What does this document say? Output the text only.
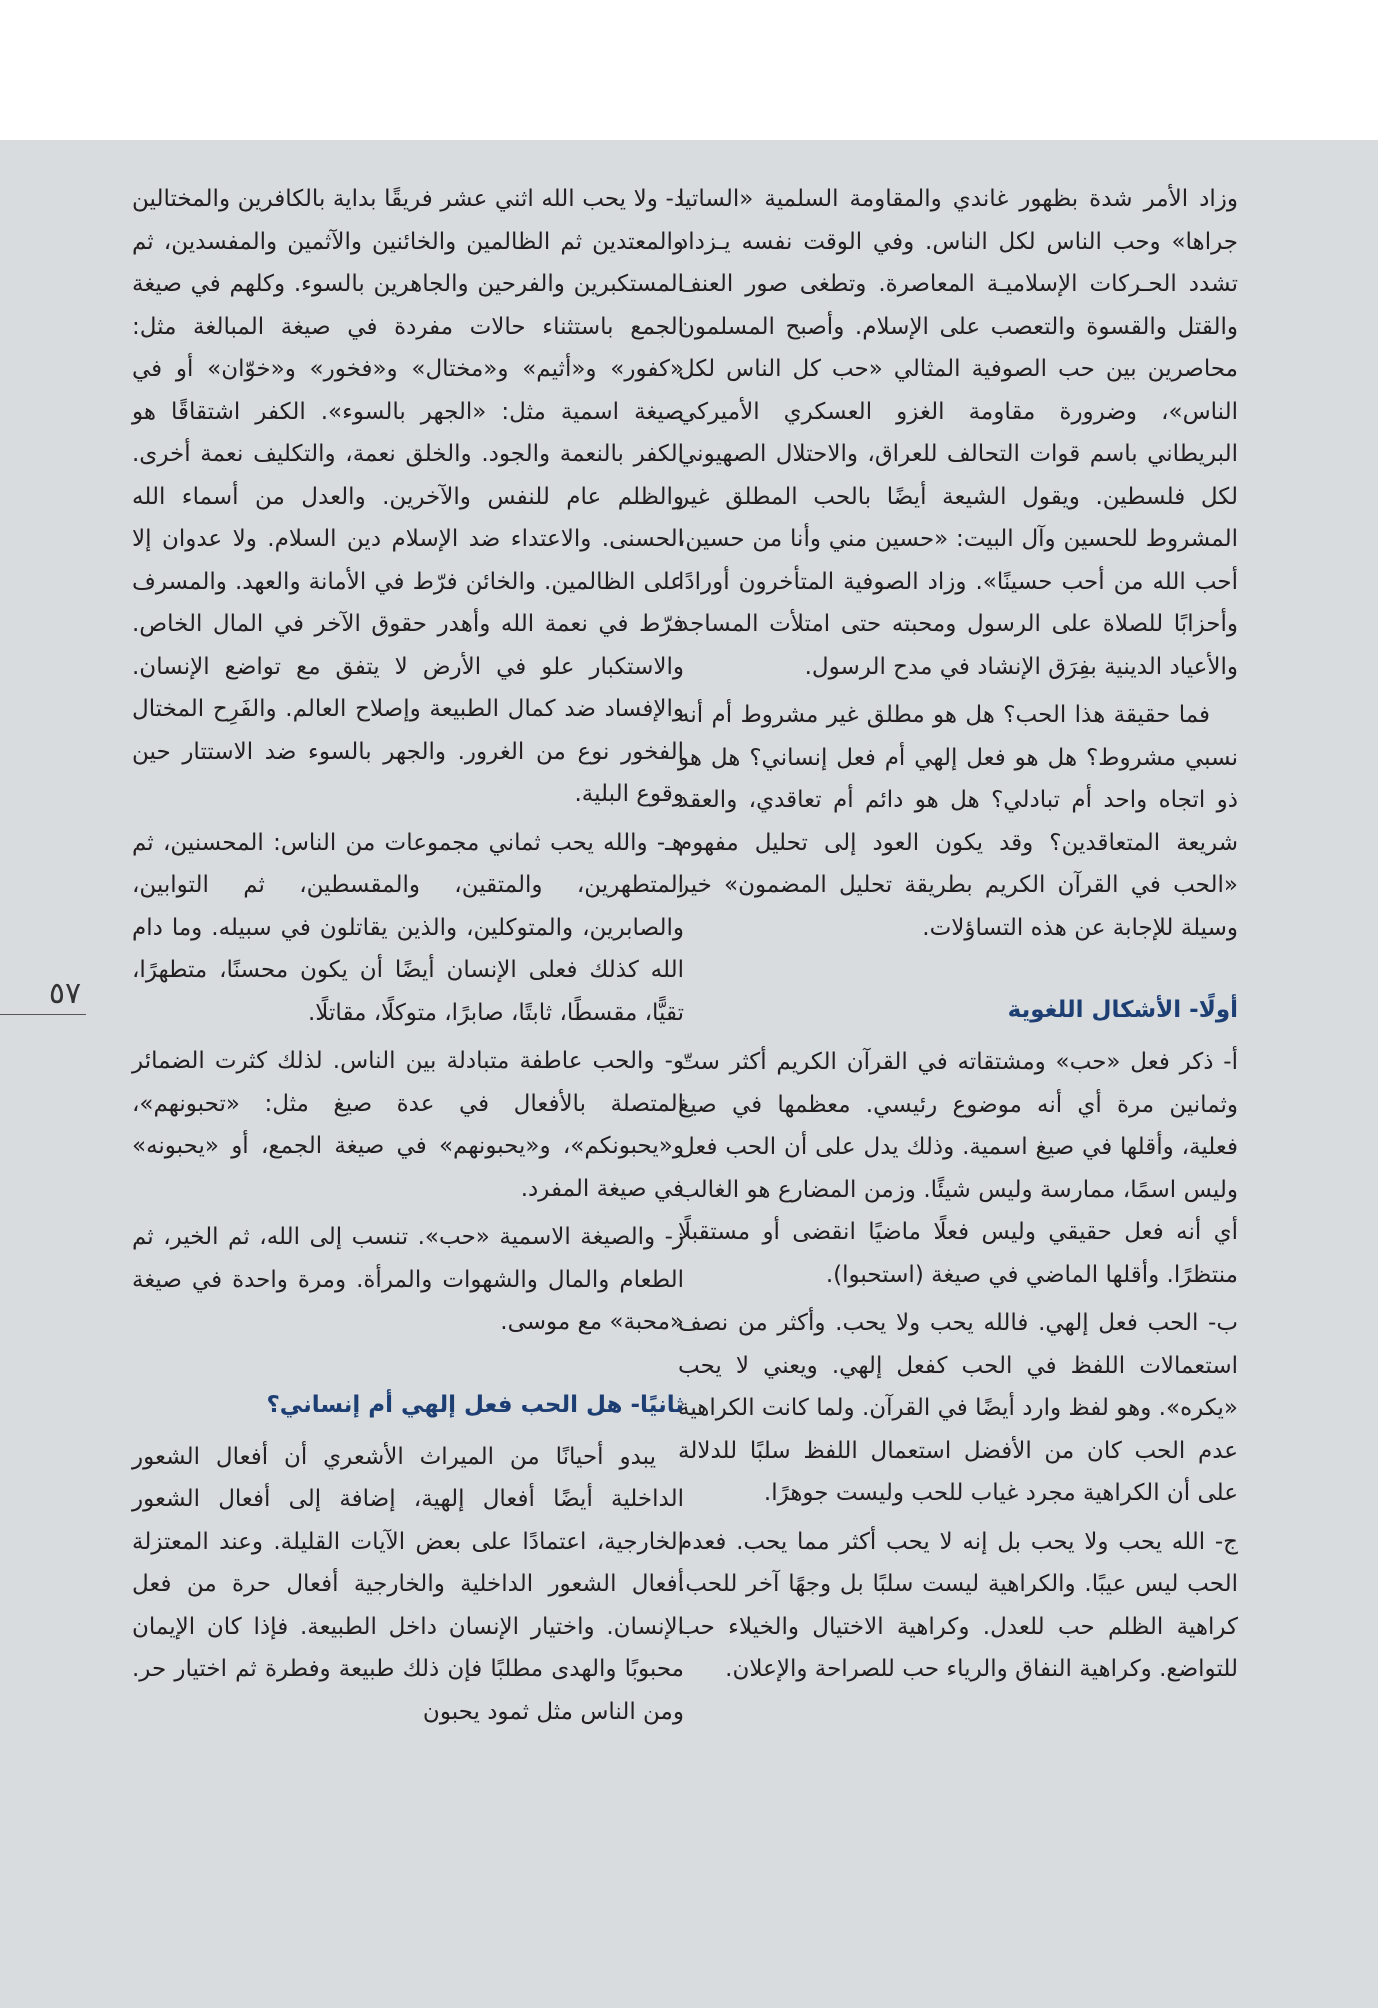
وزاد الأمر شدة بظهور غاندي والمقاومة السلمية «الساتيا جراها» وحب الناس لكل الناس. وفي الوقت نفسه يـزداد تشدد الحـركات الإسلاميـة المعاصرة. وتطغى صور العنف والقتل والقسوة والتعصب على الإسلام. وأصبح المسلمون محاصرين بين حب الصوفية المثالي «حب كل الناس لكل الناس»، وضرورة مقاومة الغزو العسكري الأميركي البريطاني باسم قوات التحالف للعراق، والاحتلال الصهيوني لكل فلسطين. ويقول الشيعة أيضًا بالحب المطلق غير المشروط للحسين وآل البيت: «حسين مني وأنا من حسين، أحب الله من أحب حسينًا». وزاد الصوفية المتأخرون أورادًا وأحزابًا للصلاة على الرسول ومحبته حتى امتلأت المساجد والأعياد الدينية بفِرَق الإنشاد في مدح الرسول.

فما حقيقة هذا الحب؟ هل هو مطلق غير مشروط أم أنه نسبي مشروط؟ هل هو فعل إلهي أم فعل إنساني؟ هل هو ذو اتجاه واحد أم تبادلي؟ هل هو دائم أم تعاقدي، والعقد شريعة المتعاقدين؟ وقد يكون العود إلى تحليل مفهوم «الحب في القرآن الكريم بطريقة تحليل المضمون» خير وسيلة للإجابة عن هذه التساؤلات.

أولًا- الأشكال اللغوية

أ- ذكر فعل «حب» ومشتقاته في القرآن الكريم أكثر ستّ وثمانين مرة أي أنه موضوع رئيسي. معظمها في صيغ فعلية، وأقلها في صيغ اسمية. وذلك يدل على أن الحب فعل وليس اسمًا، ممارسة وليس شيئًا. وزمن المضارع هو الغالب أي أنه فعل حقيقي وليس فعلًا ماضيًا انقضى أو مستقبلًا منتظرًا. وأقلها الماضي في صيغة (استحبوا).

ب- الحب فعل إلهي. فالله يحب ولا يحب. وأكثر من نصف استعمالات اللفظ في الحب كفعل إلهي. ويعني لا يحب «يكره». وهو لفظ وارد أيضًا في القرآن. ولما كانت الكراهية عدم الحب كان من الأفضل استعمال اللفظ سلبًا للدلالة على أن الكراهية مجرد غياب للحب وليست جوهرًا.

ج- الله يحب ولا يحب بل إنه لا يحب أكثر مما يحب. فعدم الحب ليس عيبًا. والكراهية ليست سلبًا بل وجهًا آخر للحب. كراهية الظلم حب للعدل. وكراهية الاختيال والخيلاء حب للتواضع. وكراهية النفاق والرياء حب للصراحة والإعلان.

د- ولا يحب الله اثني عشر فريقًا بداية بالكافرين والمختالين والمعتدين ثم الظالمين والخائنين والآثمين والمفسدين، ثم المستكبرين والفرحين والجاهرين بالسوء. وكلهم في صيغة الجمع باستثناء حالات مفردة في صيغة المبالغة مثل: «كفور» و«أثيم» و«مختال» و«فخور» و«خوّان» أو في صيغة اسمية مثل: «الجهر بالسوء». الكفر اشتقاقًا هو الكفر بالنعمة والجود. والخلق نعمة، والتكليف نعمة أخرى. والظلم عام للنفس والآخرين. والعدل من أسماء الله الحسنى. والاعتداء ضد الإسلام دين السلام. ولا عدوان إلا على الظالمين. والخائن فرّط في الأمانة والعهد. والمسرف فرّط في نعمة الله وأهدر حقوق الآخر في المال الخاص. والاستكبار علو في الأرض لا يتفق مع تواضع الإنسان. والإفساد ضد كمال الطبيعة وإصلاح العالم. والفَرِح المختال الفخور نوع من الغرور. والجهر بالسوء ضد الاستتار حين وقوع البلية.

هـ- والله يحب ثماني مجموعات من الناس: المحسنين، ثم المتطهرين، والمتقين، والمقسطين، ثم التوابين، والصابرين، والمتوكلين، والذين يقاتلون في سبيله. وما دام الله كذلك فعلى الإنسان أيضًا أن يكون محسنًا، متطهرًا، تقيًّا، مقسطًا، ثابتًا، صابرًا، متوكلًا، مقاتلًا.

و- والحب عاطفة متبادلة بين الناس. لذلك كثرت الضمائر المتصلة بالأفعال في عدة صيغ مثل: «تحبونهم»، و«يحبونكم»، و«يحبونهم» في صيغة الجمع، أو «يحبونه» في صيغة المفرد.

ز- والصيغة الاسمية «حب». تنسب إلى الله، ثم الخير، ثم الطعام والمال والشهوات والمرأة. ومرة واحدة في صيغة «محبة» مع موسى.

ثانيًا- هل الحب فعل إلهي أم إنساني؟

يبدو أحيانًا من الميراث الأشعري أن أفعال الشعور الداخلية أيضًا أفعال إلهية، إضافة إلى أفعال الشعور الخارجية، اعتمادًا على بعض الآيات القليلة. وعند المعتزلة أفعال الشعور الداخلية والخارجية أفعال حرة من فعل الإنسان. واختيار الإنسان داخل الطبيعة. فإذا كان الإيمان محبوبًا والهدى مطلبًا فإن ذلك طبيعة وفطرة ثم اختيار حر. ومن الناس مثل ثمود يحبون

٥٧
